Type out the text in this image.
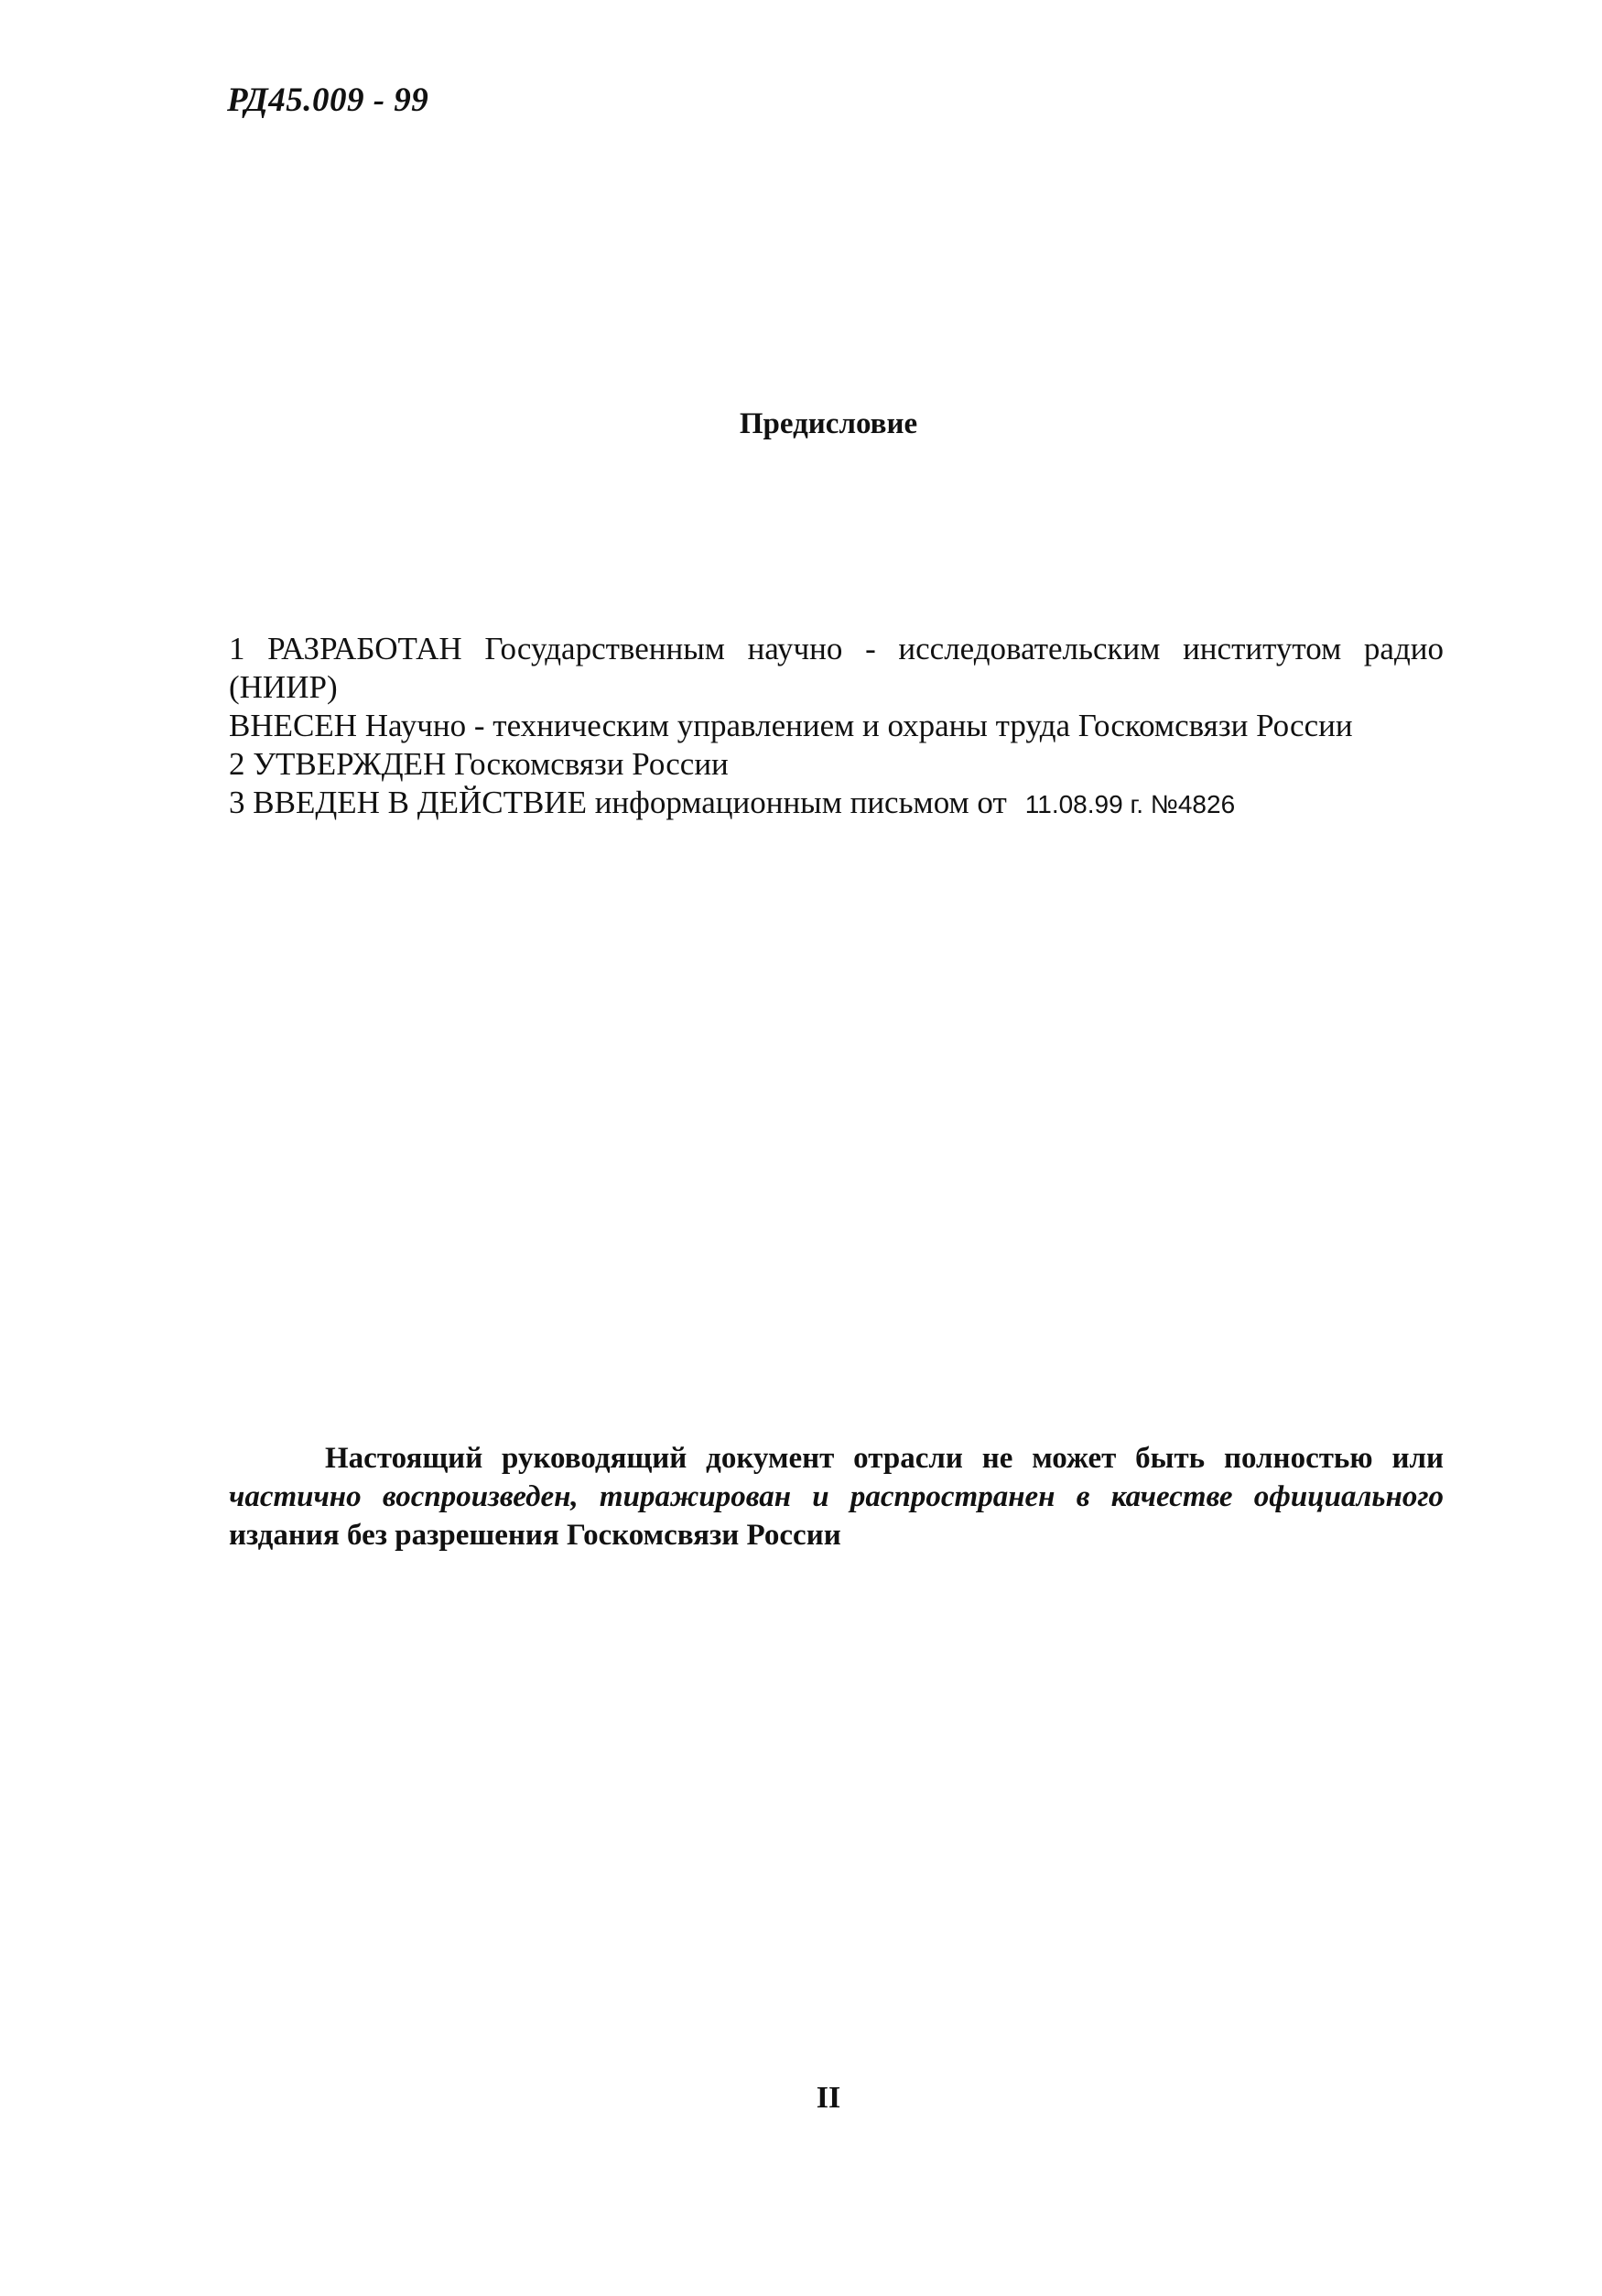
РД45.009 - 99
Предисловие
1 РАЗРАБОТАН Государственным научно - исследовательским институтом радио
(НИИР)
ВНЕСЕН Научно - техническим управлением и охраны труда Госкомсвязи России
2 УТВЕРЖДЕН Госкомсвязи России
3 ВВЕДЕН В ДЕЙСТВИЕ информационным письмом от 11.08.99 г. №4826
Настоящий руководящий документ отрасли не может быть полностью или
частично воспроизведен, тиражирован и распространен в качестве официального
издания без разрешения Госкомсвязи России
II
